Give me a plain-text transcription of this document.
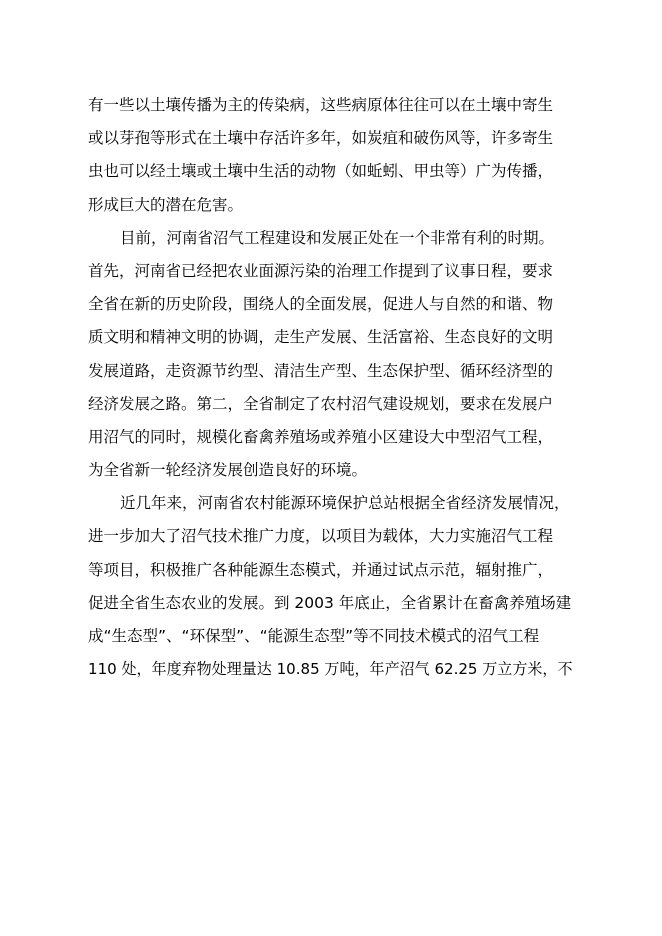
有一些以土壤传播为主的传染病，这些病原体往往可以在土壤中寄生
或以芽孢等形式在土壤中存活许多年，如炭疽和破伤风等，许多寄生
虫也可以经土壤或土壤中生活的动物（如蚯蚓、甲虫等）广为传播，
形成巨大的潜在危害。
目前，河南省沼气工程建设和发展正处在一个非常有利的时期。
首先，河南省已经把农业面源污染的治理工作提到了议事日程，要求
全省在新的历史阶段，围绕人的全面发展，促进人与自然的和谐、物
质文明和精神文明的协调，走生产发展、生活富裕、生态良好的文明
发展道路，走资源节约型、清洁生产型、生态保护型、循环经济型的
经济发展之路。第二，全省制定了农村沼气建设规划，要求在发展户
用沼气的同时，规模化畜禽养殖场或养殖小区建设大中型沼气工程，
为全省新一轮经济发展创造良好的环境。
近几年来，河南省农村能源环境保护总站根据全省经济发展情况，
进一步加大了沼气技术推广力度，以项目为载体，大力实施沼气工程
等项目，积极推广各种能源生态模式，并通过试点示范，辐射推广，
促进全省生态农业的发展。到 2003 年底止，全省累计在畜禽养殖场建
成“生态型”、“环保型”、“能源生态型”等不同技术模式的沼气工程
110 处，年度弃物处理量达 10.85 万吨，年产沼气 62.25 万立方米，不
